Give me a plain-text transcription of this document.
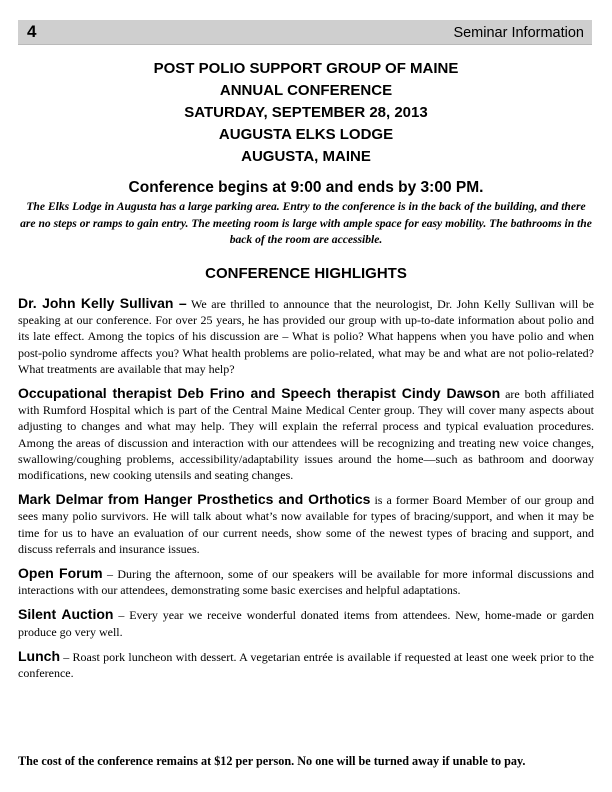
4	Seminar Information
POST POLIO SUPPORT GROUP OF MAINE
ANNUAL CONFERENCE
SATURDAY, SEPTEMBER 28, 2013
AUGUSTA ELKS LODGE
AUGUSTA, MAINE
Conference begins at 9:00 and ends by 3:00 PM.
The Elks Lodge in Augusta has a large parking area. Entry to the conference is in the back of the building, and there are no steps or ramps to gain entry. The meeting room is large with ample space for easy mobility. The bathrooms in the back of the room are accessible.
CONFERENCE HIGHLIGHTS

Dr. John Kelly Sullivan – We are thrilled to announce that the neurologist, Dr. John Kelly Sullivan will be speaking at our conference. For over 25 years, he has provided our group with up-to-date information about polio and its late effect. Among the topics of his discussion are – What is polio? What happens when you have polio and when post-polio syndrome affects you? What health problems are polio-related, what may be and what are not polio-related? What treatments are available that may help?

Occupational therapist Deb Frino and Speech therapist Cindy Dawson are both affiliated with Rumford Hospital which is part of the Central Maine Medical Center group. They will cover many aspects about adjusting to changes and what may help. They will explain the referral process and typical evaluation procedures. Among the areas of discussion and interaction with our attendees will be recognizing and treating new voice changes, swallowing/coughing problems, accessibility/adaptability issues around the home—such as bathroom and doorway modifications, new cooking utensils and seating changes.

Mark Delmar from Hanger Prosthetics and Orthotics is a former Board Member of our group and sees many polio survivors. He will talk about what’s now available for types of bracing/support, and when it may be time for us to have an evaluation of our current needs, show some of the newest types of bracing and support, and discuss referrals and insurance issues.

Open Forum – During the afternoon, some of our speakers will be available for more informal discussions and interactions with our attendees, demonstrating some basic exercises and helpful adaptations.

Silent Auction – Every year we receive wonderful donated items from attendees. New, home-made or garden produce go very well.

Lunch – Roast pork luncheon with dessert. A vegetarian entrée is available if requested at least one week prior to the conference.

The cost of the conference remains at $12 per person. No one will be turned away if unable to pay.
